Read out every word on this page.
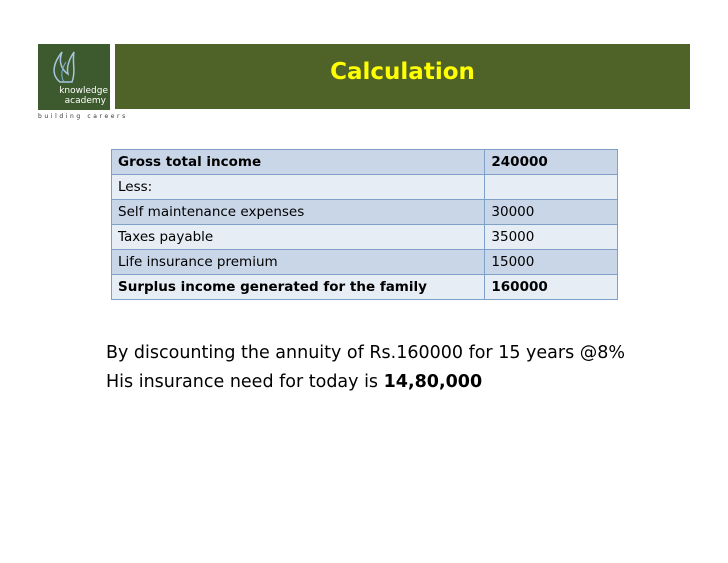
knowledge
academy
building careers
Calculation
Gross total income	240000
Less:	
Self maintenance expenses	30000
Taxes payable	35000
Life insurance premium	15000
Surplus income generated for the family	160000
By discounting the annuity of Rs.160000 for 15 years @8%
His insurance need for today is 14,80,000
